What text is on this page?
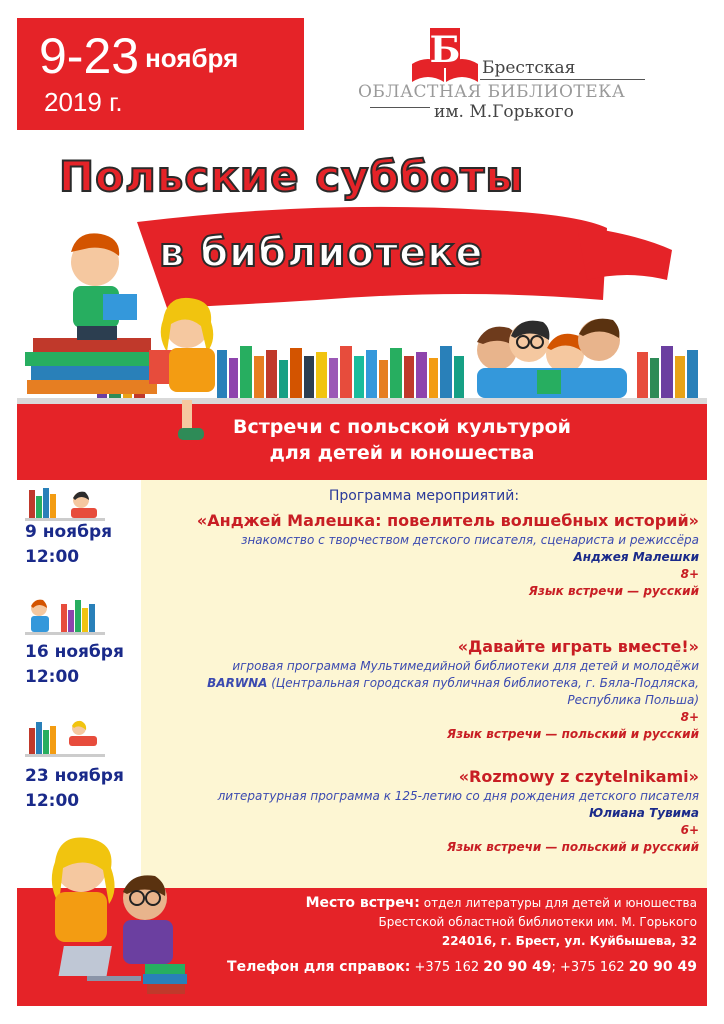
9-23 ноября
2019 г.
Б Брестская
ОБЛАСТНАЯ БИБЛИОТЕКА
им. М.Горького
Польские субботы
в библиотеке
Встречи с польской культурой
для детей и юношества
9 ноября
12:00
16 ноября
12:00
23 ноября
12:00
Программа мероприятий:
«Анджей Малешка: повелитель волшебных историй»
знакомство с творчеством детского писателя, сценариста и режиссёра
Анджея Малешки
8+
Язык встречи — русский
«Давайте играть вместе!»
игровая программа Мультимедийной библиотеки для детей и молодёжи
BARWNA (Центральная городская публичная библиотека, г. Бяла-Подляска,
Республика Польша)
8+
Язык встречи — польский и русский
«Rozmowy z czytelnikami»
литературная программа к 125-летию со дня рождения детского писателя
Юлиана Тувима
6+
Язык встречи — польский и русский
Место встреч: отдел литературы для детей и юношества
Брестской областной библиотеки им. М. Горького
224016, г. Брест, ул. Куйбышева, 32
Телефон для справок: +375 162 20 90 49; +375 162 20 90 49
